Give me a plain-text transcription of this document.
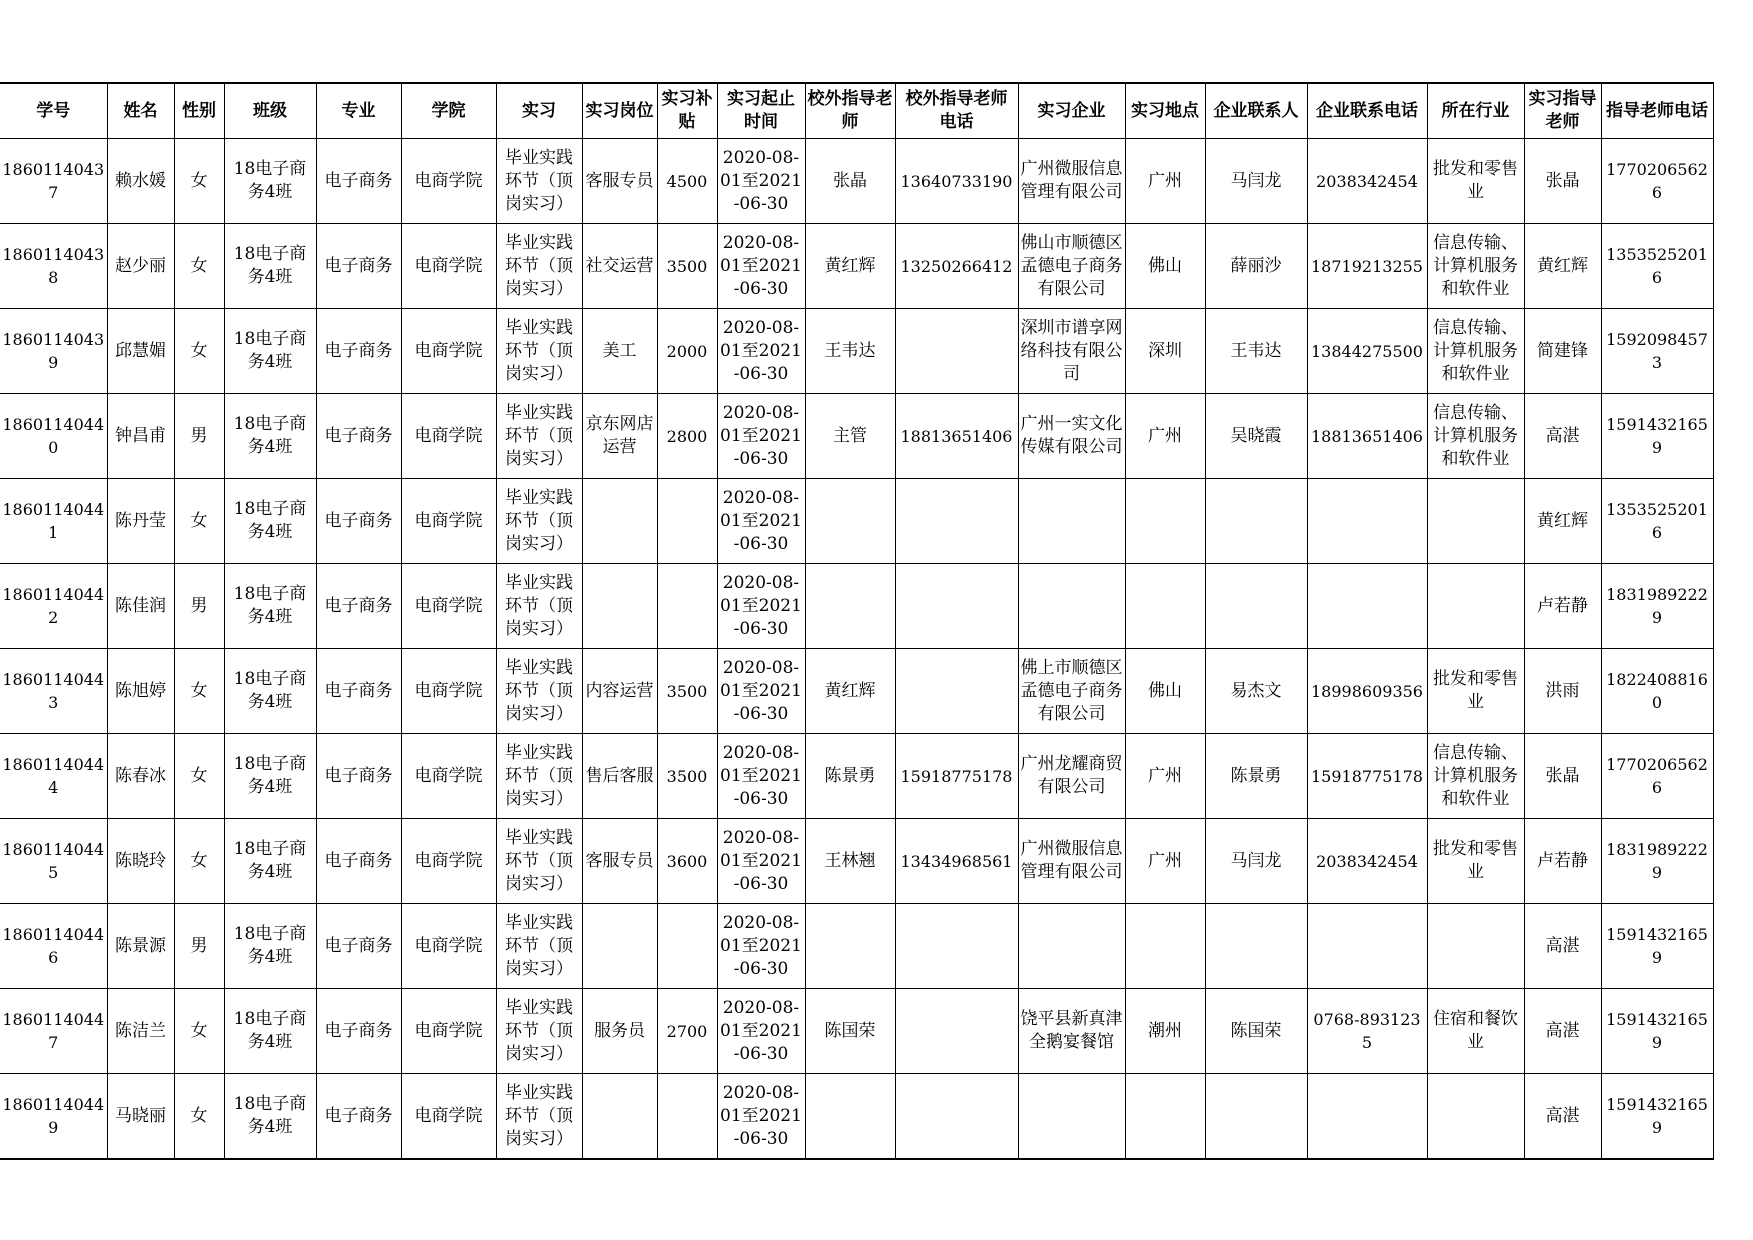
学号	姓名	性别	班级	专业	学院	实习	实习岗位	实习补贴	实习起止时间	校外指导老师	校外指导老师电话	实习企业	实习地点	企业联系人	企业联系电话	所在行业	实习指导老师	指导老师电话

18601140437	赖水媛	女	18电子商务4班	电子商务	电商学院	毕业实践环节（顶岗实习）	客服专员	4500	2020-08-01至2021-06-30	张晶	13640733190	广州微服信息管理有限公司	广州	马闫龙	2038342454	批发和零售业	张晶	17702065626

18601140438	赵少丽	女	18电子商务4班	电子商务	电商学院	毕业实践环节（顶岗实习）	社交运营	3500	2020-08-01至2021-06-30	黄红辉	13250266412	佛山市顺德区孟德电子商务有限公司	佛山	薛丽沙	18719213255	信息传输、计算机服务和软件业	黄红辉	13535252016

18601140439	邱慧媚	女	18电子商务4班	电子商务	电商学院	毕业实践环节（顶岗实习）	美工	2000	2020-08-01至2021-06-30	王韦达		深圳市谱享网络科技有限公司	深圳	王韦达	13844275500	信息传输、计算机服务和软件业	简建锋	15920984573

18601140440	钟昌甫	男	18电子商务4班	电子商务	电商学院	毕业实践环节（顶岗实习）	京东网店运营	2800	2020-08-01至2021-06-30	主管	18813651406	广州一实文化传媒有限公司	广州	吴晓霞	18813651406	信息传输、计算机服务和软件业	高湛	15914321659

18601140441	陈丹莹	女	18电子商务4班	电子商务	电商学院	毕业实践环节（顶岗实习）			2020-08-01至2021-06-30								黄红辉	13535252016

18601140442	陈佳润	男	18电子商务4班	电子商务	电商学院	毕业实践环节（顶岗实习）			2020-08-01至2021-06-30								卢若静	18319892229

18601140443	陈旭婷	女	18电子商务4班	电子商务	电商学院	毕业实践环节（顶岗实习）	内容运营	3500	2020-08-01至2021-06-30	黄红辉		佛上市顺德区孟德电子商务有限公司	佛山	易杰文	18998609356	批发和零售业	洪雨	18224088160

18601140444	陈春冰	女	18电子商务4班	电子商务	电商学院	毕业实践环节（顶岗实习）	售后客服	3500	2020-08-01至2021-06-30	陈景勇	15918775178	广州龙耀商贸有限公司	广州	陈景勇	15918775178	信息传输、计算机服务和软件业	张晶	17702065626

18601140445	陈晓玲	女	18电子商务4班	电子商务	电商学院	毕业实践环节（顶岗实习）	客服专员	3600	2020-08-01至2021-06-30	王林翘	13434968561	广州微服信息管理有限公司	广州	马闫龙	2038342454	批发和零售业	卢若静	18319892229

18601140446	陈景源	男	18电子商务4班	电子商务	电商学院	毕业实践环节（顶岗实习）			2020-08-01至2021-06-30								高湛	15914321659

18601140447	陈洁兰	女	18电子商务4班	电子商务	电商学院	毕业实践环节（顶岗实习）	服务员	2700	2020-08-01至2021-06-30	陈国荣		饶平县新真津全鹅宴餐馆	潮州	陈国荣	0768-8931235	住宿和餐饮业	高湛	15914321659

18601140449	马晓丽	女	18电子商务4班	电子商务	电商学院	毕业实践环节（顶岗实习）			2020-08-01至2021-06-30								高湛	15914321659
